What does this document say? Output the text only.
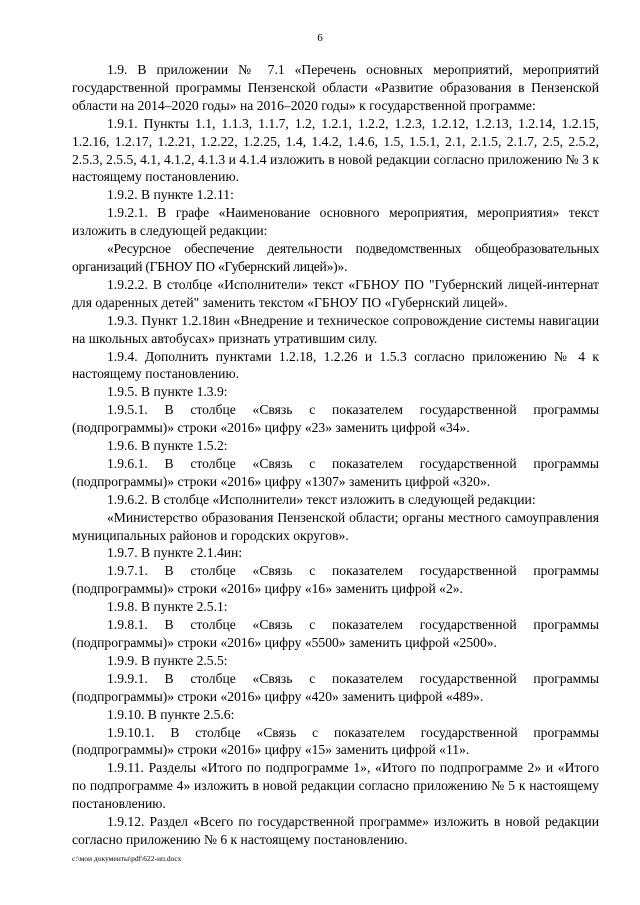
6

1.9. В приложении № 7.1 «Перечень основных мероприятий, мероприятий государственной программы Пензенской области «Развитие образования в Пензенской области на 2014–2020 годы» на 2016–2020 годы» к государственной программе:

1.9.1. Пункты 1.1, 1.1.3, 1.1.7, 1.2, 1.2.1, 1.2.2, 1.2.3, 1.2.12, 1.2.13, 1.2.14, 1.2.15, 1.2.16, 1.2.17, 1.2.21, 1.2.22, 1.2.25, 1.4, 1.4.2, 1.4.6, 1.5, 1.5.1, 2.1, 2.1.5, 2.1.7, 2.5, 2.5.2, 2.5.3, 2.5.5, 4.1, 4.1.2, 4.1.3 и 4.1.4 изложить в новой редакции согласно приложению № 3 к настоящему постановлению.

1.9.2. В пункте 1.2.11:

1.9.2.1. В графе «Наименование основного мероприятия, мероприятия» текст изложить в следующей редакции:

«Ресурсное обеспечение деятельности подведомственных общеобразовательных организаций (ГБНОУ ПО «Губернский лицей»)».

1.9.2.2. В столбце «Исполнители» текст «ГБНОУ ПО "Губернский лицей-интернат для одаренных детей" заменить текстом «ГБНОУ ПО «Губернский лицей».

1.9.3. Пункт 1.2.18ин «Внедрение и техническое сопровождение системы навигации на школьных автобусах» признать утратившим силу.

1.9.4. Дополнить пунктами 1.2.18, 1.2.26 и 1.5.3 согласно приложению № 4 к настоящему постановлению.

1.9.5. В пункте 1.3.9:

1.9.5.1. В столбце «Связь с показателем государственной программы (подпрограммы)» строки «2016» цифру «23» заменить цифрой «34».

1.9.6. В пункте 1.5.2:

1.9.6.1. В столбце «Связь с показателем государственной программы (подпрограммы)» строки «2016» цифру «1307» заменить цифрой «320».

1.9.6.2. В столбце «Исполнители» текст изложить в следующей редакции:

«Министерство образования Пензенской области; органы местного самоуправления муниципальных районов и городских округов».

1.9.7. В пункте 2.1.4ин:

1.9.7.1. В столбце «Связь с показателем государственной программы (подпрограммы)» строки «2016» цифру «16» заменить цифрой «2».

1.9.8. В пункте 2.5.1:

1.9.8.1. В столбце «Связь с показателем государственной программы (подпрограммы)» строки «2016» цифру «5500» заменить цифрой «2500».

1.9.9. В пункте 2.5.5:

1.9.9.1. В столбце «Связь с показателем государственной программы (подпрограммы)» строки «2016» цифру «420» заменить цифрой «489».

1.9.10. В пункте 2.5.6:

1.9.10.1. В столбце «Связь с показателем государственной программы (подпрограммы)» строки «2016» цифру «15» заменить цифрой «11».

1.9.11. Разделы «Итого по подпрограмме 1», «Итого по подпрограмме 2» и «Итого по подпрограмме 4» изложить в новой редакции согласно приложению № 5 к настоящему постановлению.

1.9.12. Раздел «Всего по государственной программе» изложить в новой редакции согласно приложению № 6 к настоящему постановлению.

c:\мои документы\pdf\622-ип.docx
